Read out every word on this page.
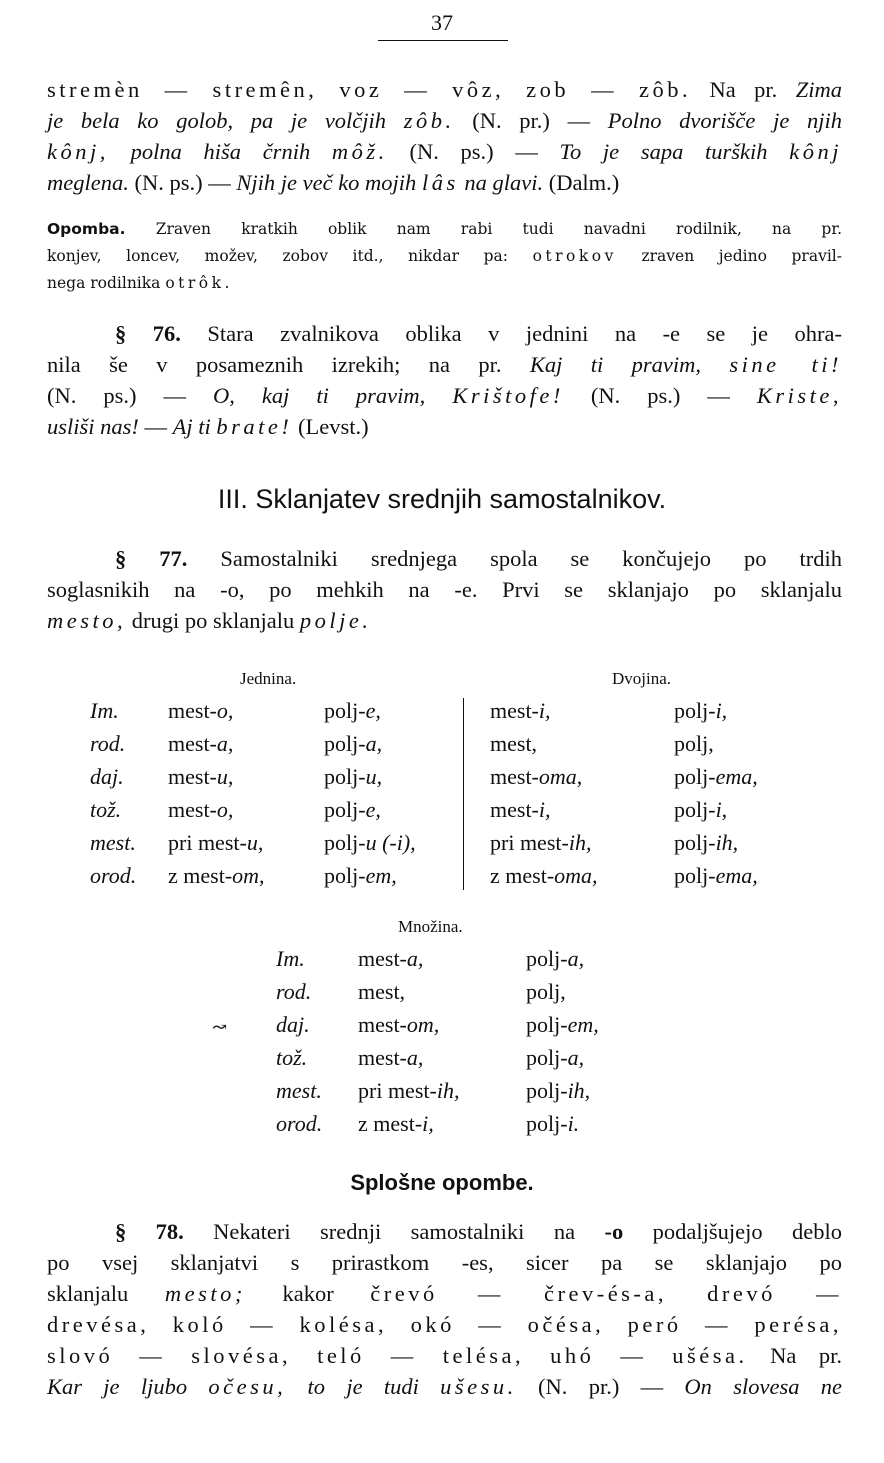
37
stremèn — stremên, voz — vôz, zob — zôb. Na pr. Zima
je bela ko golob, pa je volčjih zôb. (N. pr.) — Polno dvorišče je njih
kônj, polna hiša črnih môž. (N. ps.) — To je sapa turških kônj
meglena. (N. ps.) — Njih je več ko mojih lâs na glavi. (Dalm.)
Opomba. Zraven kratkih oblik nam rabi tudi navadni rodilnik, na pr.
konjev, loncev, možev, zobov itd., nikdar pa: otrokov zraven jedino pravil-
nega rodilnika otrôk.
§ 76. Stara zvalnikova oblika v jednini na -e se je ohra-
nila še v posameznih izrekih; na pr. Kaj ti pravim, sine ti!
(N. ps.) — O, kaj ti pravim, Krištofe! (N. ps.) — Kriste,
usliši nas! — Aj ti brate! (Levst.)
III. Sklanjatev srednjih samostalnikov.
§ 77. Samostalniki srednjega spola se končujejo po trdih
soglasnikih na -o, po mehkih na -e. Prvi se sklanjajo po sklanjalu
mesto, drugi po sklanjalu polje.
Jednina.	Dvojina.
Im. mest-o,	polj-e,	mest-i,	polj-i,
rod. mest-a,	polj-a,	mest,	polj,
daj. mest-u,	polj-u,	mest-oma,	polj-ema,
tož. mest-o,	polj-e,	mest-i,	polj-i,
mest. pri mest-u,	polj-u (-i),	pri mest-ih,	polj-ih,
orod. z mest-om,	polj-em,	z mest-oma,	polj-ema,
Množina.
Im. mest-a,	polj-a,
rod. mest,	polj,
daj. mest-om,	polj-em,
tož. mest-a,	polj-a,
mest. pri mest-ih,	polj-ih,
orod. z mest-i,	polj-i.
↝
Splošne opombe.
§ 78. Nekateri srednji samostalniki na -o podaljšujejo deblo
po vsej sklanjatvi s prirastkom -es, sicer pa se sklanjajo po
sklanjalu mesto; kakor črevó — črev-és-a, drevó —
drevésa, koló — kolésa, okó — očésa, peró — perésa,
slovó — slovésa, teló — telésa, uhó — ušésa. Na pr.
Kar je ljubo očesu, to je tudi ušesu. (N. pr.) — On slovesa ne
